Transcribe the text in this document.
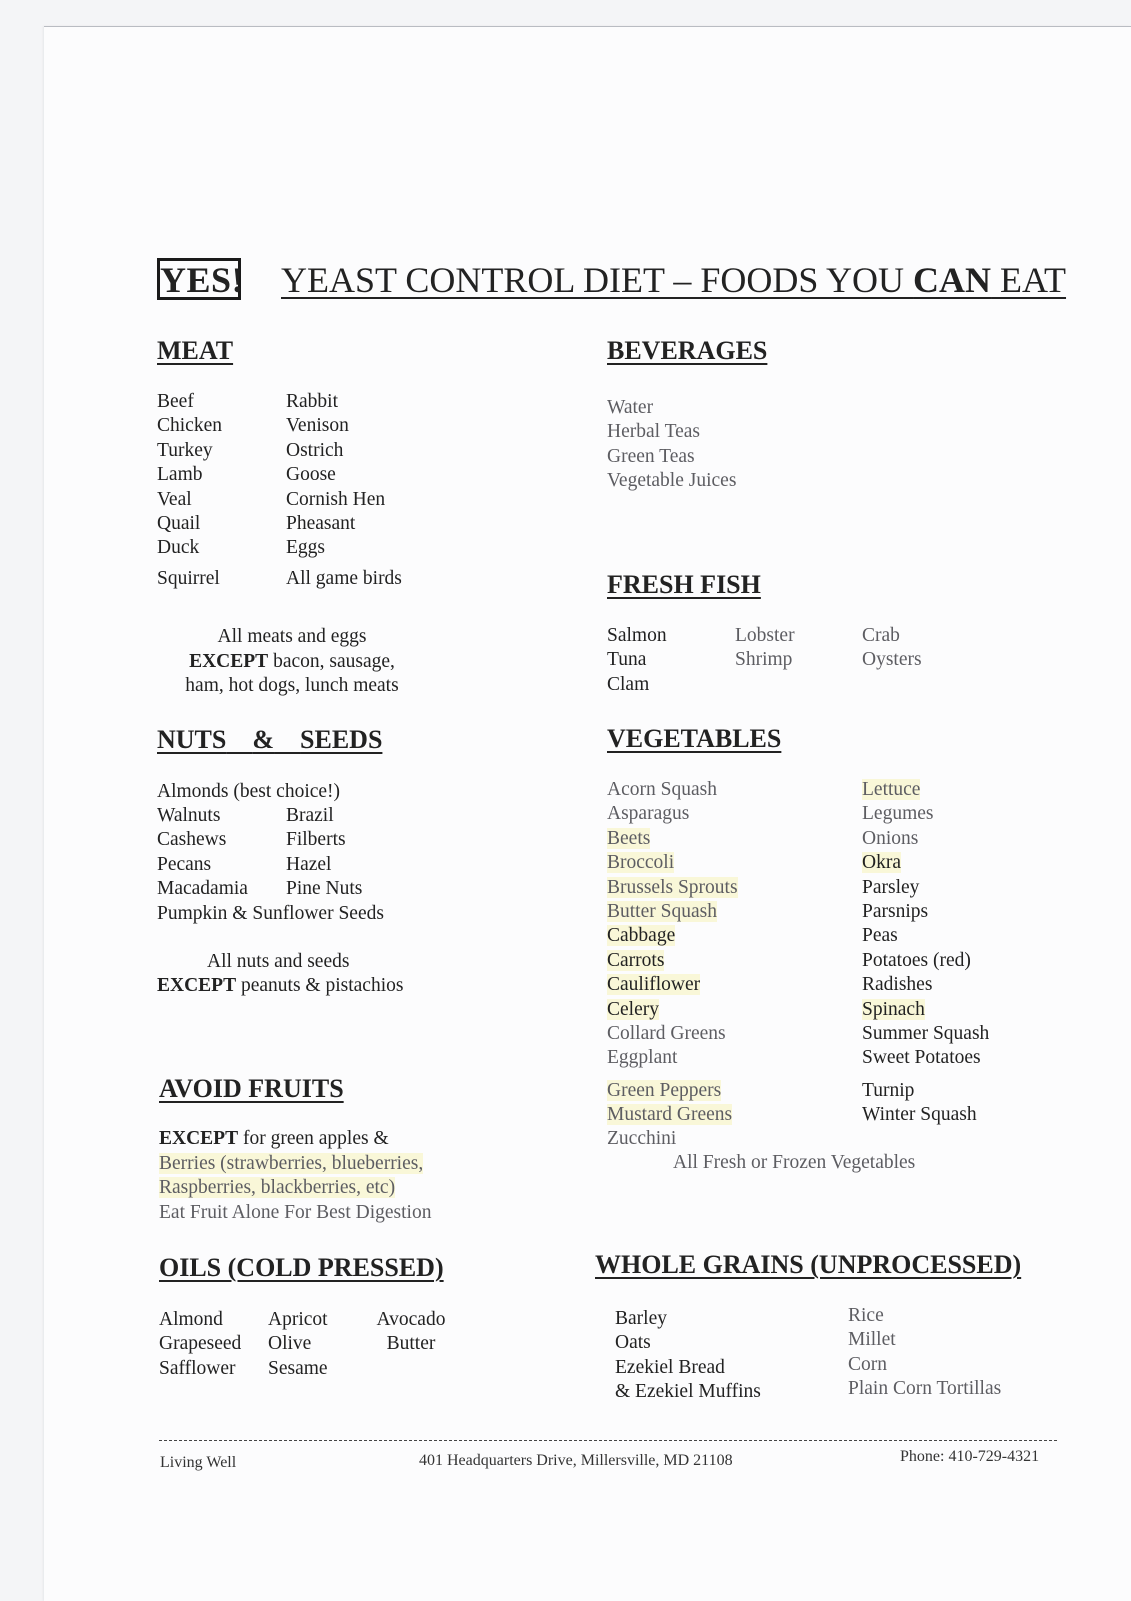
YES! YEAST CONTROL DIET – FOODS YOU CAN EAT
MEAT
Beef
Chicken
Turkey
Lamb
Veal
Quail
Duck
Squirrel
Rabbit
Venison
Ostrich
Goose
Cornish Hen
Pheasant
Eggs
All game birds
All meats and eggs
EXCEPT bacon, sausage,
ham, hot dogs, lunch meats
NUTS & SEEDS
Almonds (best choice!)
Walnuts
Cashews
Pecans
Macadamia
Brazil
Filberts
Hazel
Pine Nuts
Pumpkin & Sunflower Seeds
All nuts and seeds
EXCEPT peanuts & pistachios
AVOID FRUITS
EXCEPT for green apples &
Berries (strawberries, blueberries,
Raspberries, blackberries, etc)
Eat Fruit Alone For Best Digestion
OILS (COLD PRESSED)
Almond
Grapeseed
Safflower
Apricot
Olive
Sesame
Avocado
Butter
BEVERAGES
Water
Herbal Teas
Green Teas
Vegetable Juices
FRESH FISH
Salmon
Tuna
Clam
Lobster
Shrimp
Crab
Oysters
VEGETABLES
Acorn Squash
Asparagus
Beets
Broccoli
Brussels Sprouts
Butter Squash
Cabbage
Carrots
Cauliflower
Celery
Collard Greens
Eggplant
Green Peppers
Mustard Greens
Zucchini
Lettuce
Legumes
Onions
Okra
Parsley
Parsnips
Peas
Potatoes (red)
Radishes
Spinach
Summer Squash
Sweet Potatoes
Turnip
Winter Squash
All Fresh or Frozen Vegetables
WHOLE GRAINS (UNPROCESSED)
Barley
Oats
Ezekiel Bread
& Ezekiel Muffins
Rice
Millet
Corn
Plain Corn Tortillas
Living Well	401 Headquarters Drive, Millersville, MD 21108	Phone: 410-729-4321
